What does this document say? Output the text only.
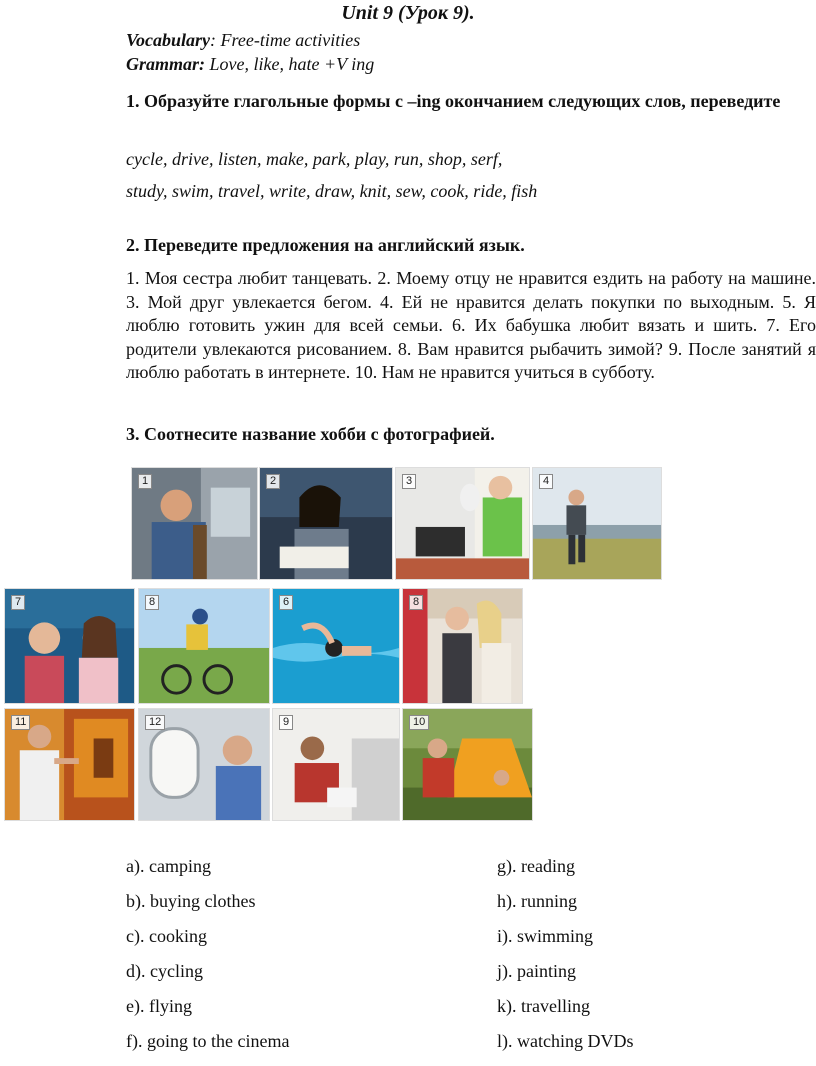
Unit 9 (Урок 9).
Vocabulary: Free-time activities
Grammar: Love, like, hate +V ing
1. Образуйте глагольные формы с –ing окончанием следующих слов, переведите
cycle, drive, listen, make, park, play, run, shop, serf,
study, swim, travel, write, draw, knit, sew, cook, ride, fish
2. Переведите предложения на английский язык.
1. Моя сестра любит танцевать. 2. Моему отцу не нравится ездить на работу на машине. 3. Мой друг увлекается бегом. 4. Ей не нравится делать покупки по выходным. 5. Я люблю готовить ужин для всей семьи. 6. Их бабушка любит вязать и шить. 7. Его родители увлекаются рисованием. 8. Вам нравится рыбачить зимой? 9. После занятий я люблю работать в интернете. 10. Нам не нравится учиться в субботу.
3. Соотнесите название хобби с фотографией.
1	2	3	4
7	8	6	8
11	12	9	10
a). camping
b). buying clothes
c). cooking
d). cycling
e). flying
f). going to the cinema
g). reading
h). running
i). swimming
j). painting
k). travelling
l). watching DVDs
